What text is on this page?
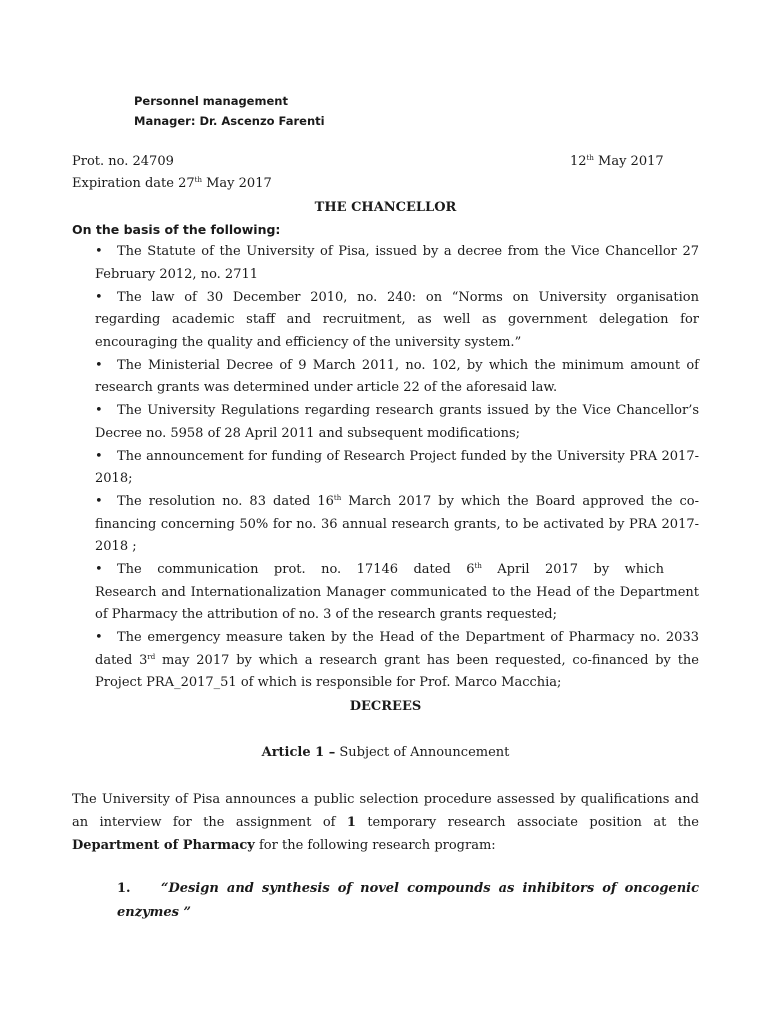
Personnel management
Manager: Dr. Ascenzo Farenti
Prot. no. 24709	12th May 2017
Expiration date 27th May 2017
THE CHANCELLOR
On the basis of the following:
• The Statute of the University of Pisa, issued by a decree from the Vice Chancellor 27 February 2012, no. 2711
• The law of 30 December 2010, no. 240: on “Norms on University organisation regarding academic staff and recruitment, as well as government delegation for encouraging the quality and efficiency of the university system.”
• The Ministerial Decree of 9 March 2011, no. 102, by which the minimum amount of research grants was determined under article 22 of the aforesaid law.
• The University Regulations regarding research grants issued by the Vice Chancellor’s Decree no. 5958 of 28 April 2011 and subsequent modifications;
• The announcement for funding of Research Project funded by the University PRA 2017-2018;
• The resolution no. 83 dated 16th March 2017 by which the Board approved the co-financing concerning 50% for no. 36 annual research grants, to be activated by PRA 2017-2018 ;
• The communication prot. no. 17146 dated 6th April 2017 by which
Research and Internationalization Manager communicated to the Head of the Department of Pharmacy the attribution of no. 3 of the research grants requested;
• The emergency measure taken by the Head of the Department of Pharmacy no. 2033 dated 3rd may 2017 by which a research grant has been requested, co-financed by the Project PRA_2017_51 of which is responsible for Prof. Marco Macchia;
DECREES
Article 1 – Subject of Announcement
The University of Pisa announces a public selection procedure assessed by qualifications and an interview for the assignment of 1 temporary research associate position at the Department of Pharmacy for the following research program:
1. “Design and synthesis of novel compounds as inhibitors of oncogenic enzymes ”
